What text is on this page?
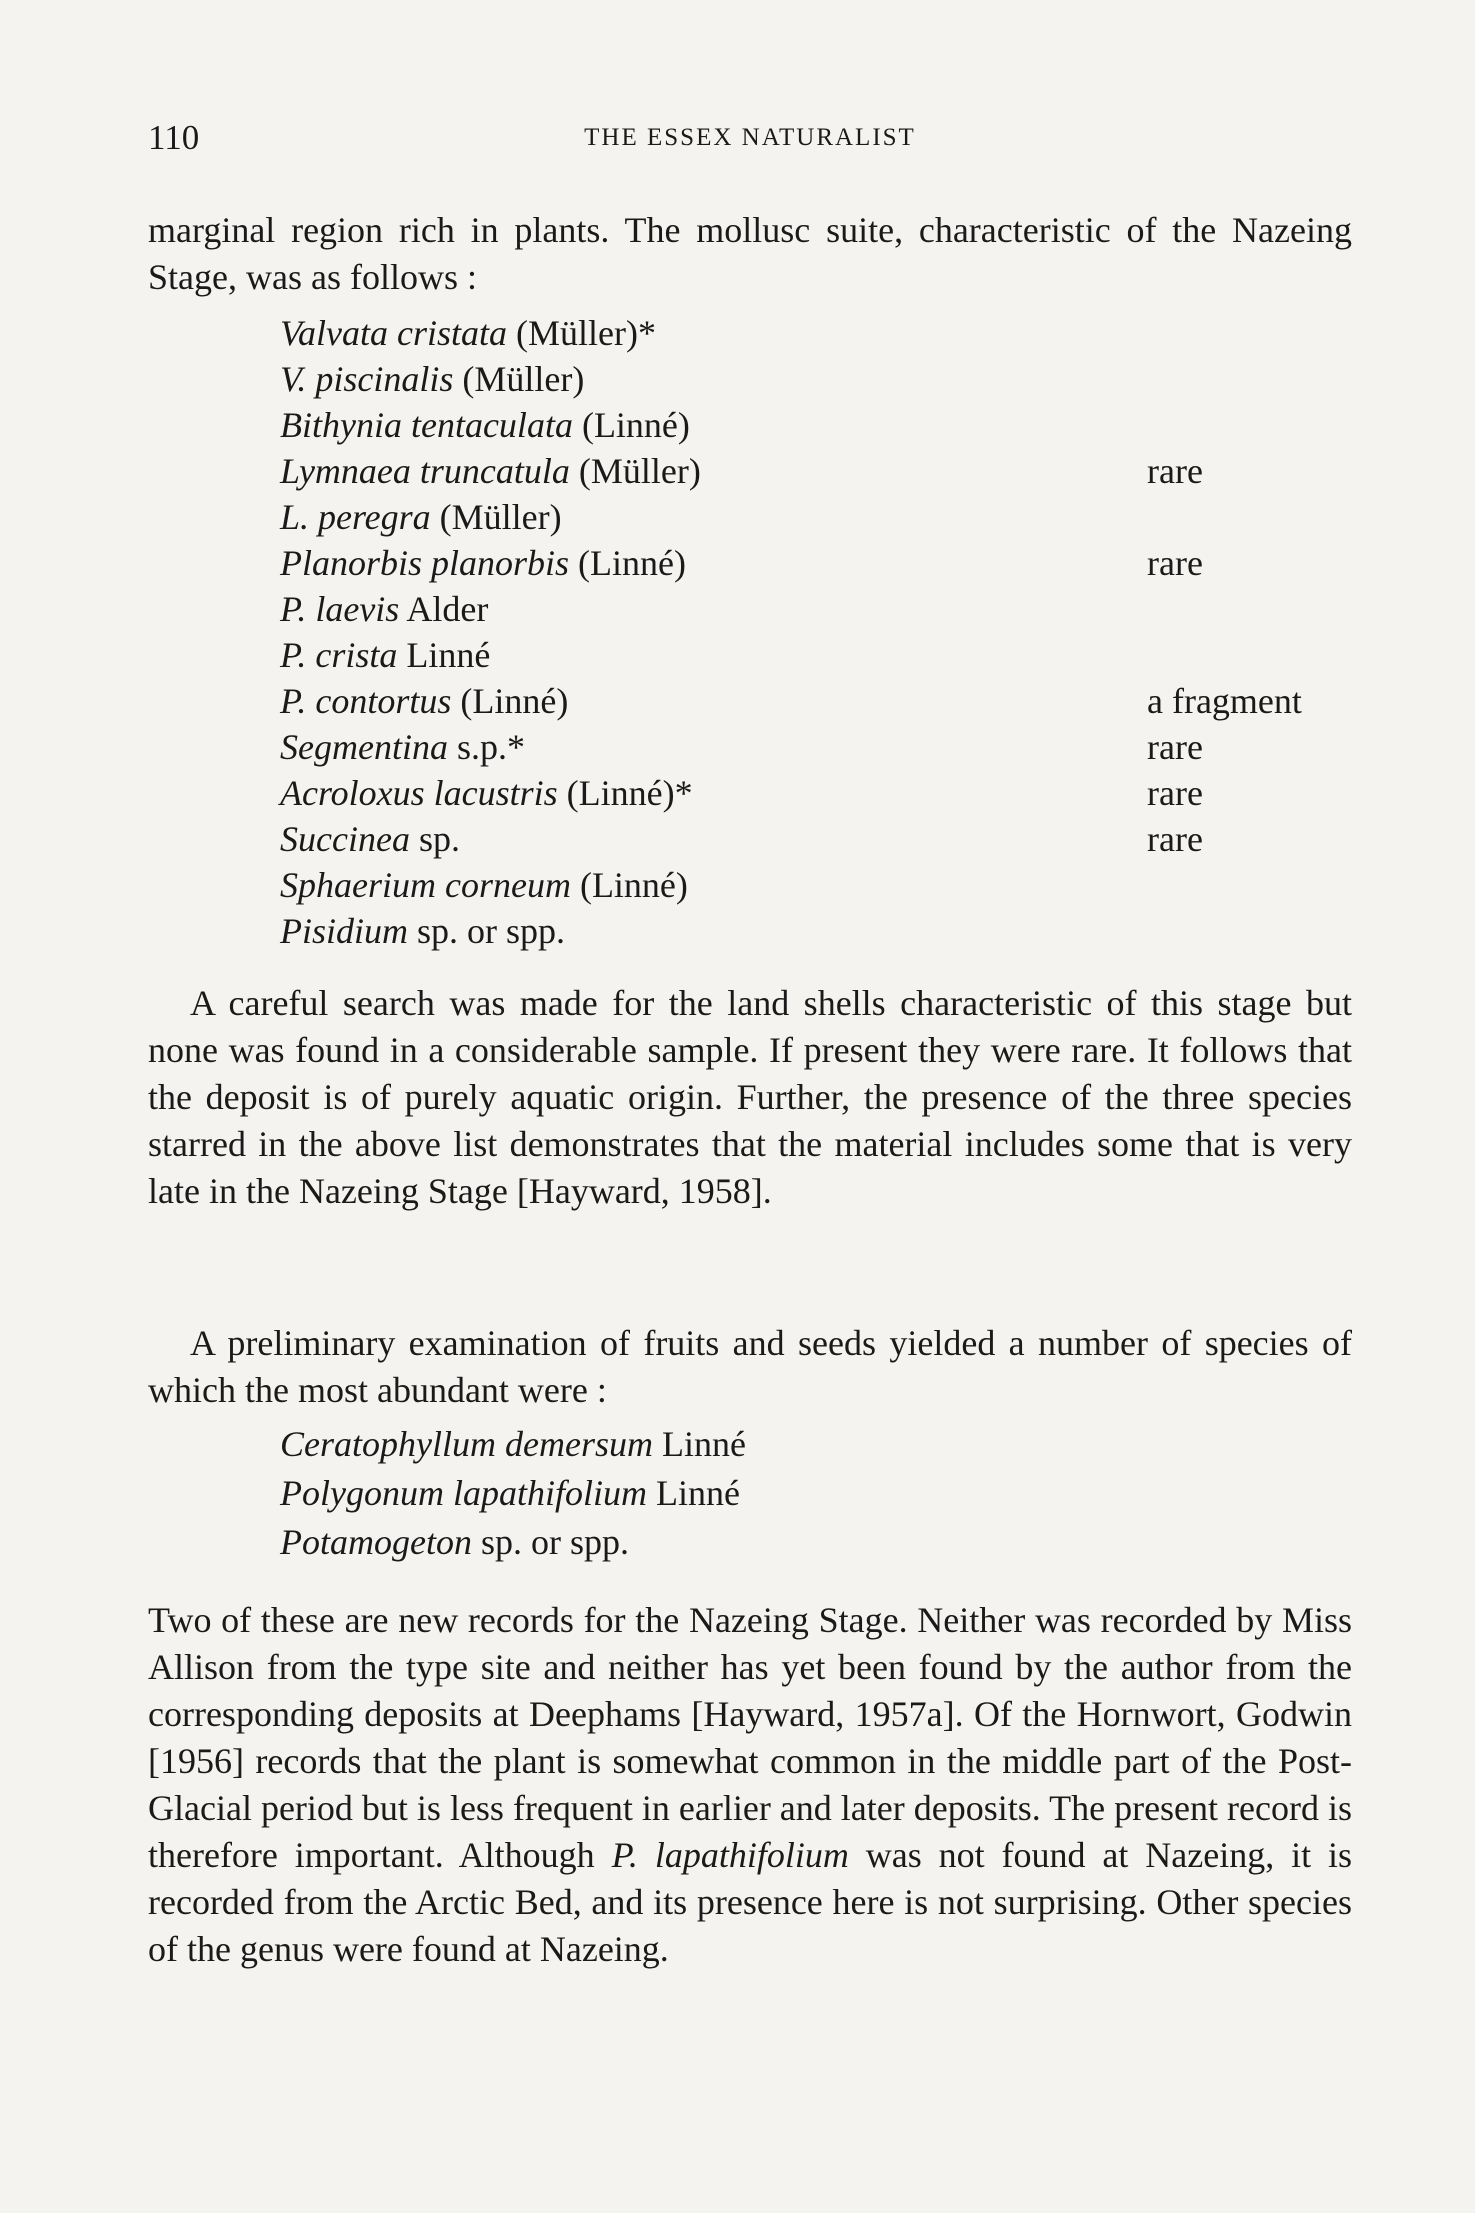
110	THE ESSEX NATURALIST

marginal region rich in plants. The mollusc suite, characteristic of the Nazeing Stage, was as follows :

Valvata cristata (Müller)*
V. piscinalis (Müller)
Bithynia tentaculata (Linné)
Lymnaea truncatula (Müller)	rare
L. peregra (Müller)
Planorbis planorbis (Linné)	rare
P. laevis Alder
P. crista Linné
P. contortus (Linné)	a fragment
Segmentina s.p.*	rare
Acroloxus lacustris (Linné)*	rare
Succinea sp.	rare
Sphaerium corneum (Linné)
Pisidium sp. or spp.

A careful search was made for the land shells characteristic of this stage but none was found in a considerable sample. If present they were rare. It follows that the deposit is of purely aquatic origin. Further, the presence of the three species starred in the above list demonstrates that the material includes some that is very late in the Nazeing Stage [Hayward, 1958].

A preliminary examination of fruits and seeds yielded a number of species of which the most abundant were :

Ceratophyllum demersum Linné
Polygonum lapathifolium Linné
Potamogeton sp. or spp.

Two of these are new records for the Nazeing Stage. Neither was recorded by Miss Allison from the type site and neither has yet been found by the author from the corresponding deposits at Deephams [Hayward, 1957a]. Of the Hornwort, Godwin [1956] records that the plant is somewhat common in the middle part of the Post-Glacial period but is less frequent in earlier and later deposits. The present record is therefore important. Although P. lapathifolium was not found at Nazeing, it is recorded from the Arctic Bed, and its presence here is not surprising. Other species of the genus were found at Nazeing.
